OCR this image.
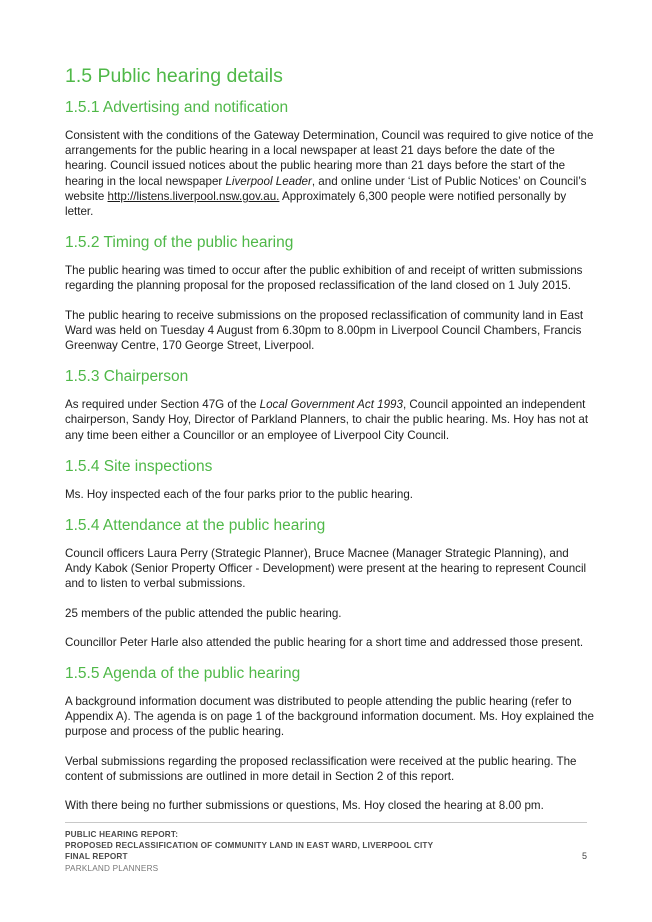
1.5 Public hearing details
1.5.1 Advertising and notification

Consistent with the conditions of the Gateway Determination, Council was required to give notice of the arrangements for the public hearing in a local newspaper at least 21 days before the date of the hearing. Council issued notices about the public hearing more than 21 days before the start of the hearing in the local newspaper Liverpool Leader, and online under ‘List of Public Notices’ on Council’s website http://listens.liverpool.nsw.gov.au. Approximately 6,300 people were notified personally by letter.

1.5.2 Timing of the public hearing

The public hearing was timed to occur after the public exhibition of and receipt of written submissions regarding the planning proposal for the proposed reclassification of the land closed on 1 July 2015.

The public hearing to receive submissions on the proposed reclassification of community land in East Ward was held on Tuesday 4 August from 6.30pm to 8.00pm in Liverpool Council Chambers, Francis Greenway Centre, 170 George Street, Liverpool.

1.5.3 Chairperson

As required under Section 47G of the Local Government Act 1993, Council appointed an independent chairperson, Sandy Hoy, Director of Parkland Planners, to chair the public hearing. Ms. Hoy has not at any time been either a Councillor or an employee of Liverpool City Council.

1.5.4 Site inspections

Ms. Hoy inspected each of the four parks prior to the public hearing.

1.5.4 Attendance at the public hearing

Council officers Laura Perry (Strategic Planner), Bruce Macnee (Manager Strategic Planning), and Andy Kabok (Senior Property Officer - Development) were present at the hearing to represent Council and to listen to verbal submissions.

25 members of the public attended the public hearing.

Councillor Peter Harle also attended the public hearing for a short time and addressed those present.

1.5.5 Agenda of the public hearing

A background information document was distributed to people attending the public hearing (refer to Appendix A). The agenda is on page 1 of the background information document. Ms. Hoy explained the purpose and process of the public hearing.

Verbal submissions regarding the proposed reclassification were received at the public hearing. The content of submissions are outlined in more detail in Section 2 of this report.

With there being no further submissions or questions, Ms. Hoy closed the hearing at 8.00 pm.

PUBLIC HEARING REPORT:
PROPOSED RECLASSIFICATION OF COMMUNITY LAND IN EAST WARD, LIVERPOOL CITY
FINAL REPORT
PARKLAND PLANNERS
5
